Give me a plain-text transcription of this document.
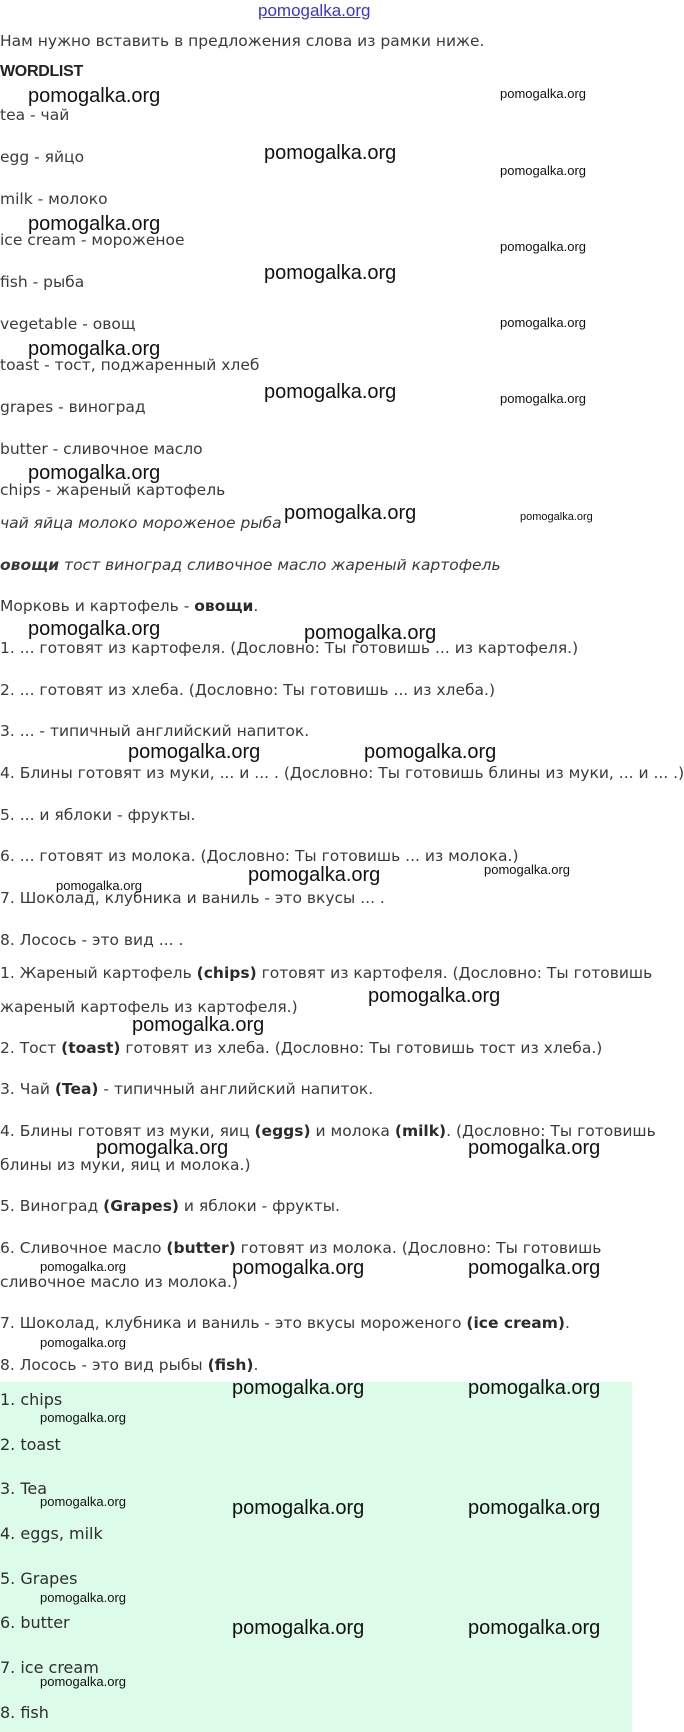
pomogalka.org
Нам нужно вставить в предложения слова из рамки ниже.
WORDLIST
tea - чай
egg - яйцо
milk - молоко
ice cream - мороженое
fish - рыба
vegetable - овощ
toast - тост, поджаренный хлеб
grapes - виноград
butter - сливочное масло
chips - жареный картофель
чай яйца молоко мороженое рыба
овощи тост виноград сливочное масло жареный картофель
Морковь и картофель - овощи.
1. ... готовят из картофеля. (Дословно: Ты готовишь ... из картофеля.)
2. ... готовят из хлеба. (Дословно: Ты готовишь ... из хлеба.)
3. ... - типичный английский напиток.
4. Блины готовят из муки, ... и ... . (Дословно: Ты готовишь блины из муки, ... и ... .)
5. ... и яблоки - фрукты.
6. ... готовят из молока. (Дословно: Ты готовишь ... из молока.)
7. Шоколад, клубника и ваниль - это вкусы ... .
8. Лосось - это вид ... .
1. Жареный картофель (chips) готовят из картофеля. (Дословно: Ты готовишь
жареный картофель из картофеля.)
2. Тост (toast) готовят из хлеба. (Дословно: Ты готовишь тост из хлеба.)
3. Чай (Tea) - типичный английский напиток.
4. Блины готовят из муки, яиц (eggs) и молока (milk). (Дословно: Ты готовишь
блины из муки, яиц и молока.)
5. Виноград (Grapes) и яблоки - фрукты.
6. Сливочное масло (butter) готовят из молока. (Дословно: Ты готовишь
сливочное масло из молока.)
7. Шоколад, клубника и ваниль - это вкусы мороженого (ice cream).
8. Лосось - это вид рыбы (fish).
1. chips
2. toast
3. Tea
4. eggs, milk
5. Grapes
6. butter
7. ice cream
8. fish
pomogalka.org	pomogalka.org
pomogalka.org
pomogalka.org
pomogalka.org
pomogalka.org
pomogalka.org
pomogalka.org
pomogalka.org
pomogalka.org	pomogalka.org
pomogalka.org
pomogalka.org	pomogalka.org
pomogalka.org	pomogalka.org
pomogalka.org	pomogalka.org
pomogalka.org	pomogalka.org
pomogalka.org
pomogalka.org
pomogalka.org
pomogalka.org	pomogalka.org
pomogalka.org	pomogalka.org	pomogalka.org
pomogalka.org
pomogalka.org	pomogalka.org
pomogalka.org
pomogalka.org	pomogalka.org	pomogalka.org
pomogalka.org
pomogalka.org	pomogalka.org
pomogalka.org
